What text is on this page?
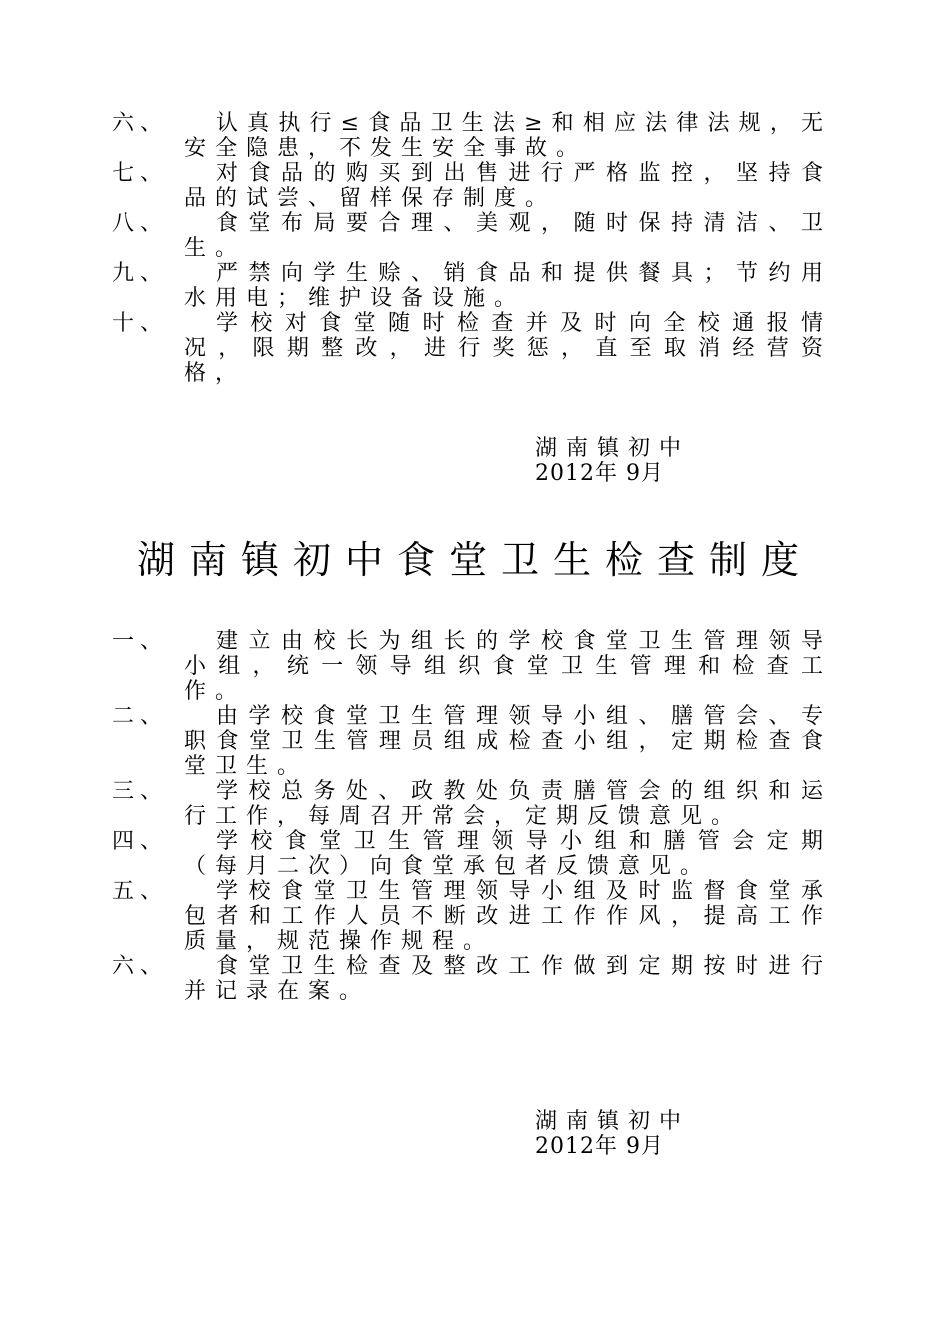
六、	认真执行≤食品卫生法≥和相应法律法规，无安全隐患，不发生安全事故。
七、	对食品的购买到出售进行严格监控，坚持食品的试尝、留样保存制度。
八、	食堂布局要合理、美观，随时保持清洁、卫生。
九、	严禁向学生赊、销食品和提供餐具；节约用水用电；维护设备设施。
十、	学校对食堂随时检查并及时向全校通报情况，限期整改，进行奖惩，直至取消经营资格，
湖南镇初中
2012年 9月
湖南镇初中食堂卫生检查制度
一、	建立由校长为组长的学校食堂卫生管理领导小组，统一领导组织食堂卫生管理和检查工作。
二、	由学校食堂卫生管理领导小组、膳管会、专职食堂卫生管理员组成检查小组，定期检查食堂卫生。
三、	学校总务处、政教处负责膳管会的组织和运行工作，每周召开常会，定期反馈意见。
四、	学校食堂卫生管理领导小组和膳管会定期（每月二次）向食堂承包者反馈意见。
五、	学校食堂卫生管理领导小组及时监督食堂承包者和工作人员不断改进工作作风，提高工作质量，规范操作规程。
六、	食堂卫生检查及整改工作做到定期按时进行并记录在案。
湖南镇初中
2012年 9月
